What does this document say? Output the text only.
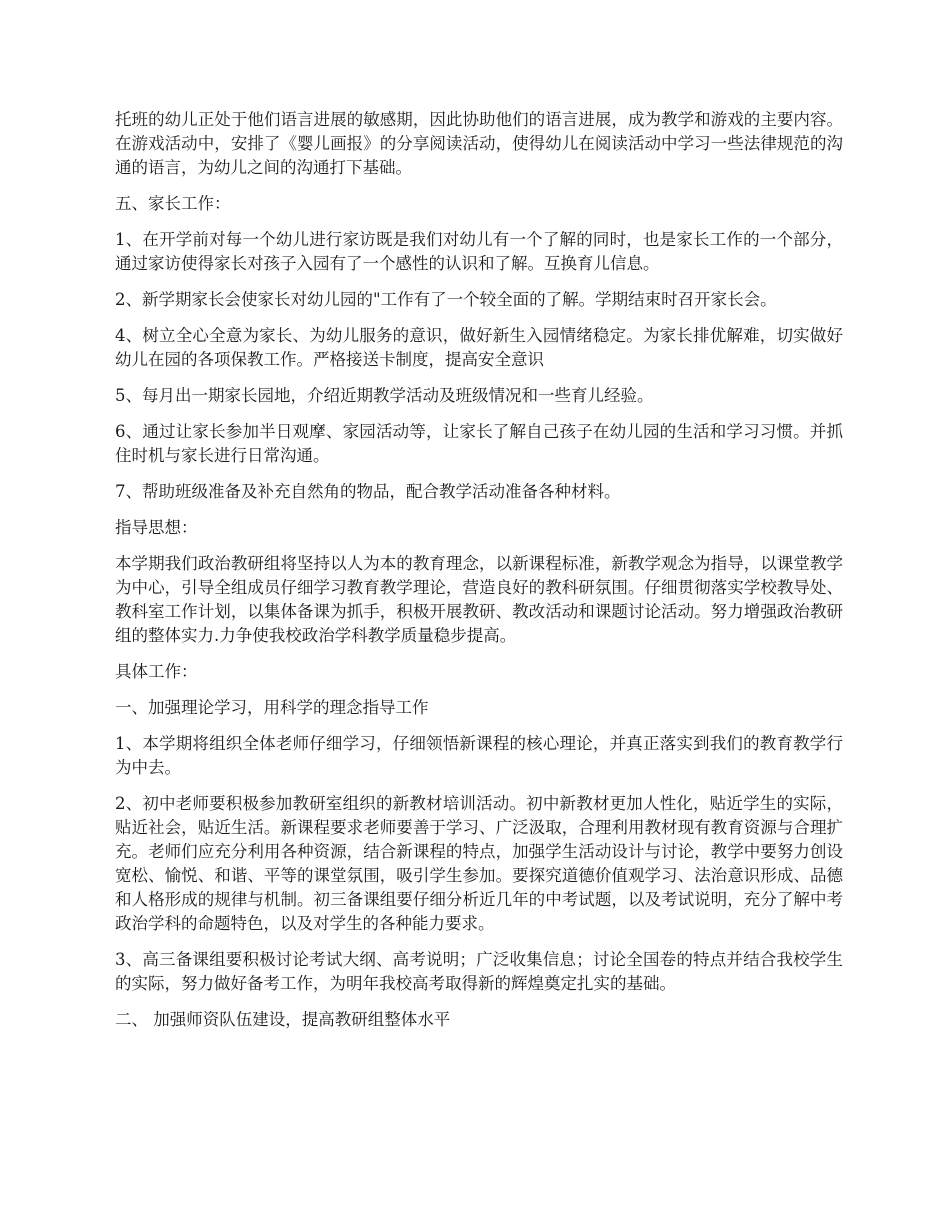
托班的幼儿正处于他们语言进展的敏感期，因此协助他们的语言进展，成为教学和游戏的主要内容。在游戏活动中，安排了《婴儿画报》的分享阅读活动，使得幼儿在阅读活动中学习一些法律规范的沟通的语言，为幼儿之间的沟通打下基础。

五、家长工作：

1、在开学前对每一个幼儿进行家访既是我们对幼儿有一个了解的同时，也是家长工作的一个部分，通过家访使得家长对孩子入园有了一个感性的认识和了解。互换育儿信息。

2、新学期家长会使家长对幼儿园的"工作有了一个较全面的了解。学期结束时召开家长会。

4、树立全心全意为家长、为幼儿服务的意识，做好新生入园情绪稳定。为家长排优解难，切实做好幼儿在园的各项保教工作。严格接送卡制度，提高安全意识

5、每月出一期家长园地，介绍近期教学活动及班级情况和一些育儿经验。

6、通过让家长参加半日观摩、家园活动等，让家长了解自己孩子在幼儿园的生活和学习习惯。并抓住时机与家长进行日常沟通。

7、帮助班级准备及补充自然角的物品，配合教学活动准备各种材料。

指导思想：

本学期我们政治教研组将坚持以人为本的教育理念，以新课程标准，新教学观念为指导，以课堂教学为中心，引导全组成员仔细学习教育教学理论，营造良好的教科研氛围。仔细贯彻落实学校教导处、教科室工作计划，以集体备课为抓手，积极开展教研、教改活动和课题讨论活动。努力增强政治教研组的整体实力.力争使我校政治学科教学质量稳步提高。

具体工作：

一、加强理论学习，用科学的理念指导工作

1、本学期将组织全体老师仔细学习，仔细领悟新课程的核心理论，并真正落实到我们的教育教学行为中去。

2、初中老师要积极参加教研室组织的新教材培训活动。初中新教材更加人性化，贴近学生的实际，贴近社会，贴近生活。新课程要求老师要善于学习、广泛汲取，合理利用教材现有教育资源与合理扩充。老师们应充分利用各种资源，结合新课程的特点，加强学生活动设计与讨论，教学中要努力创设宽松、愉悦、和谐、平等的课堂氛围，吸引学生参加。要探究道德价值观学习、法治意识形成、品德和人格形成的规律与机制。初三备课组要仔细分析近几年的中考试题，以及考试说明，充分了解中考政治学科的命题特色，以及对学生的各种能力要求。

3、高三备课组要积极讨论考试大纲、高考说明；广泛收集信息；讨论全国卷的特点并结合我校学生的实际，努力做好备考工作，为明年我校高考取得新的辉煌奠定扎实的基础。

二、 加强师资队伍建设，提高教研组整体水平
